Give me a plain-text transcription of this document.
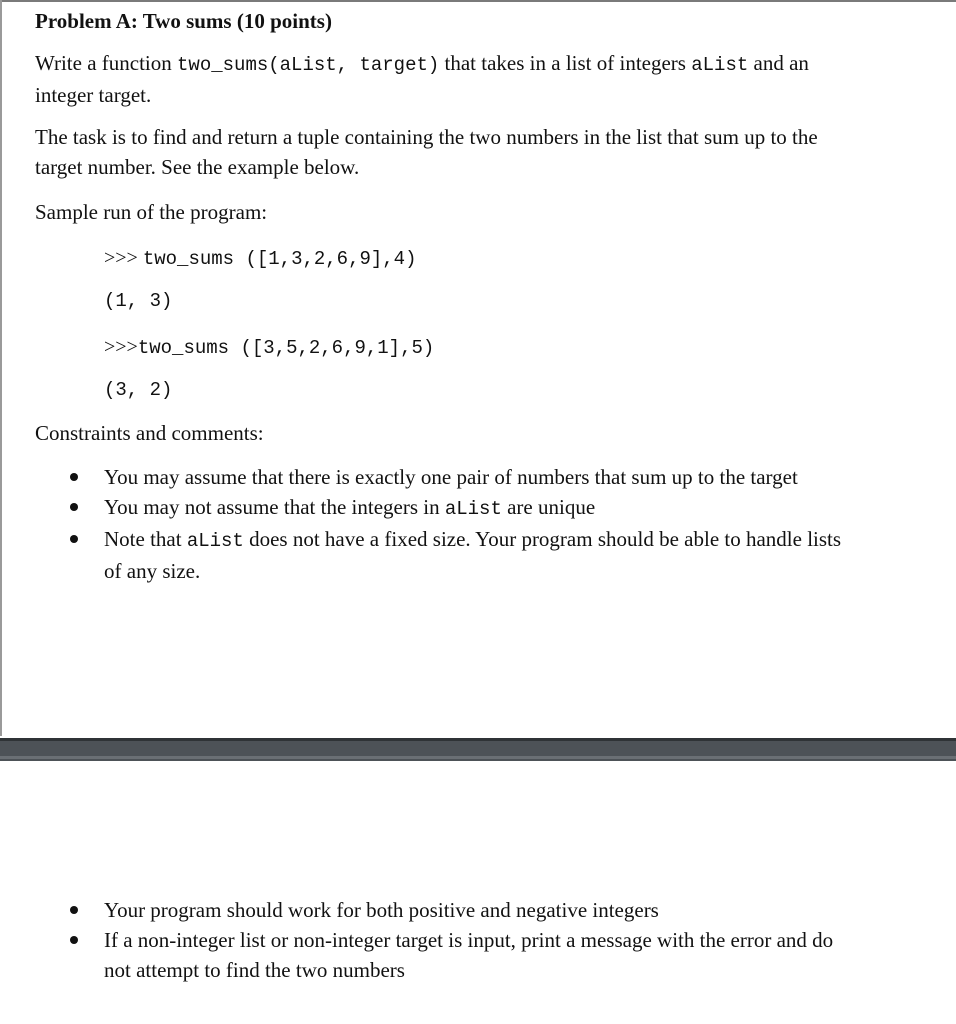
Problem A: Two sums (10 points)

Write a function two_sums(aList, target) that takes in a list of integers aList and an
integer target.

The task is to find and return a tuple containing the two numbers in the list that sum up to the
target number. See the example below.

Sample run of the program:

>>> two_sums ([1,3,2,6,9],4)
(1, 3)
>>>two_sums ([3,5,2,6,9,1],5)
(3, 2)

Constraints and comments:

You may assume that there is exactly one pair of numbers that sum up to the target
You may not assume that the integers in aList are unique
Note that aList does not have a fixed size. Your program should be able to handle lists
of any size.
Your program should work for both positive and negative integers
If a non-integer list or non-integer target is input, print a message with the error and do
not attempt to find the two numbers
